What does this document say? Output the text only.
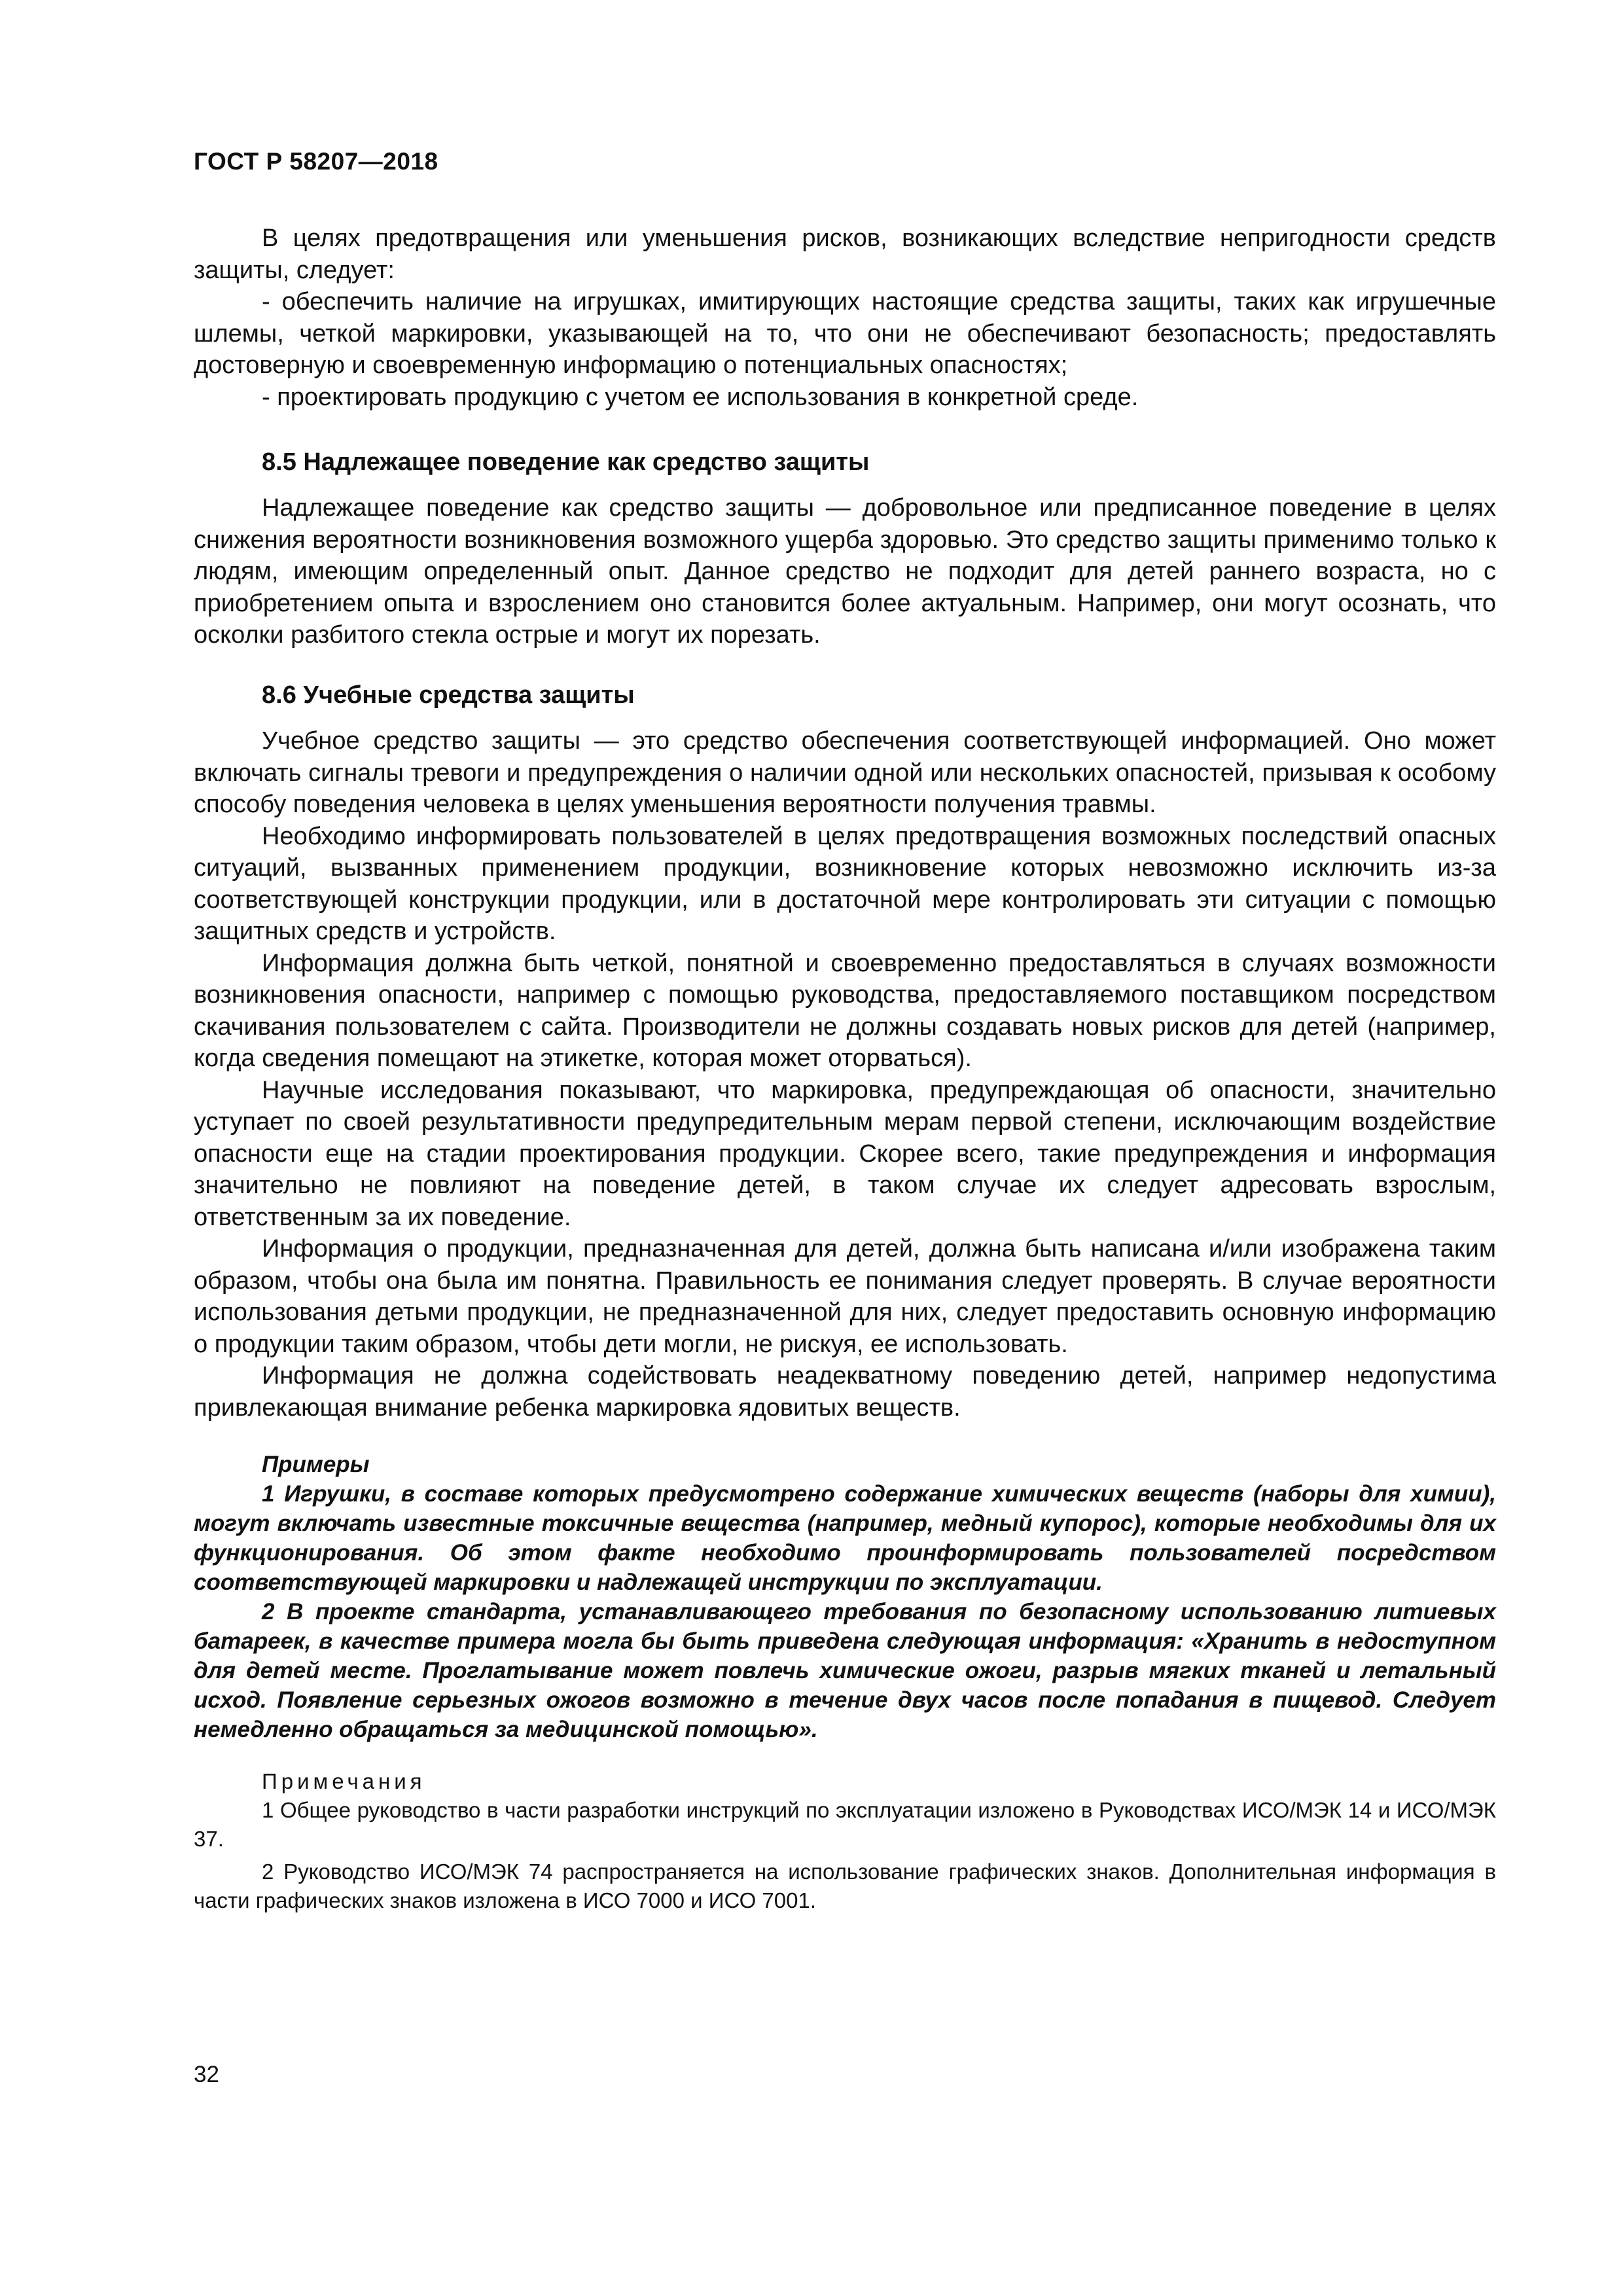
ГОСТ Р 58207—2018

В целях предотвращения или уменьшения рисков, возникающих вследствие непригодности средств защиты, следует:

- обеспечить наличие на игрушках, имитирующих настоящие средства защиты, таких как игрушечные шлемы, четкой маркировки, указывающей на то, что они не обеспечивают безопасность; предоставлять достоверную и своевременную информацию о потенциальных опасностях;

- проектировать продукцию с учетом ее использования в конкретной среде.

8.5 Надлежащее поведение как средство защиты

Надлежащее поведение как средство защиты — добровольное или предписанное поведение в целях снижения вероятности возникновения возможного ущерба здоровью. Это средство защиты применимо только к людям, имеющим определенный опыт. Данное средство не подходит для детей раннего возраста, но с приобретением опыта и взрослением оно становится более актуальным. Например, они могут осознать, что осколки разбитого стекла острые и могут их порезать.

8.6 Учебные средства защиты

Учебное средство защиты — это средство обеспечения соответствующей информацией. Оно может включать сигналы тревоги и предупреждения о наличии одной или нескольких опасностей, призывая к особому способу поведения человека в целях уменьшения вероятности получения травмы.

Необходимо информировать пользователей в целях предотвращения возможных последствий опасных ситуаций, вызванных применением продукции, возникновение которых невозможно исключить из-за соответствующей конструкции продукции, или в достаточной мере контролировать эти ситуации с помощью защитных средств и устройств.

Информация должна быть четкой, понятной и своевременно предоставляться в случаях возможности возникновения опасности, например с помощью руководства, предоставляемого поставщиком посредством скачивания пользователем с сайта. Производители не должны создавать новых рисков для детей (например, когда сведения помещают на этикетке, которая может оторваться).

Научные исследования показывают, что маркировка, предупреждающая об опасности, значительно уступает по своей результативности предупредительным мерам первой степени, исключающим воздействие опасности еще на стадии проектирования продукции. Скорее всего, такие предупреждения и информация значительно не повлияют на поведение детей, в таком случае их следует адресовать взрослым, ответственным за их поведение.

Информация о продукции, предназначенная для детей, должна быть написана и/или изображена таким образом, чтобы она была им понятна. Правильность ее понимания следует проверять. В случае вероятности использования детьми продукции, не предназначенной для них, следует предоставить основную информацию о продукции таким образом, чтобы дети могли, не рискуя, ее использовать.

Информация не должна содействовать неадекватному поведению детей, например недопустима привлекающая внимание ребенка маркировка ядовитых веществ.

Примеры

1 Игрушки, в составе которых предусмотрено содержание химических веществ (наборы для химии), могут включать известные токсичные вещества (например, медный купорос), которые необходимы для их функционирования. Об этом факте необходимо проинформировать пользователей посредством соответствующей маркировки и надлежащей инструкции по эксплуатации.

2 В проекте стандарта, устанавливающего требования по безопасному использованию литиевых батареек, в качестве примера могла бы быть приведена следующая информация: «Хранить в недоступном для детей месте. Проглатывание может повлечь химические ожоги, разрыв мягких тканей и летальный исход. Появление серьезных ожогов возможно в течение двух часов после попадания в пищевод. Следует немедленно обращаться за медицинской помощью».

Примечания

1 Общее руководство в части разработки инструкций по эксплуатации изложено в Руководствах ИСО/МЭК 14 и ИСО/МЭК 37.

2 Руководство ИСО/МЭК 74 распространяется на использование графических знаков. Дополнительная информация в части графических знаков изложена в ИСО 7000 и ИСО 7001.

32
